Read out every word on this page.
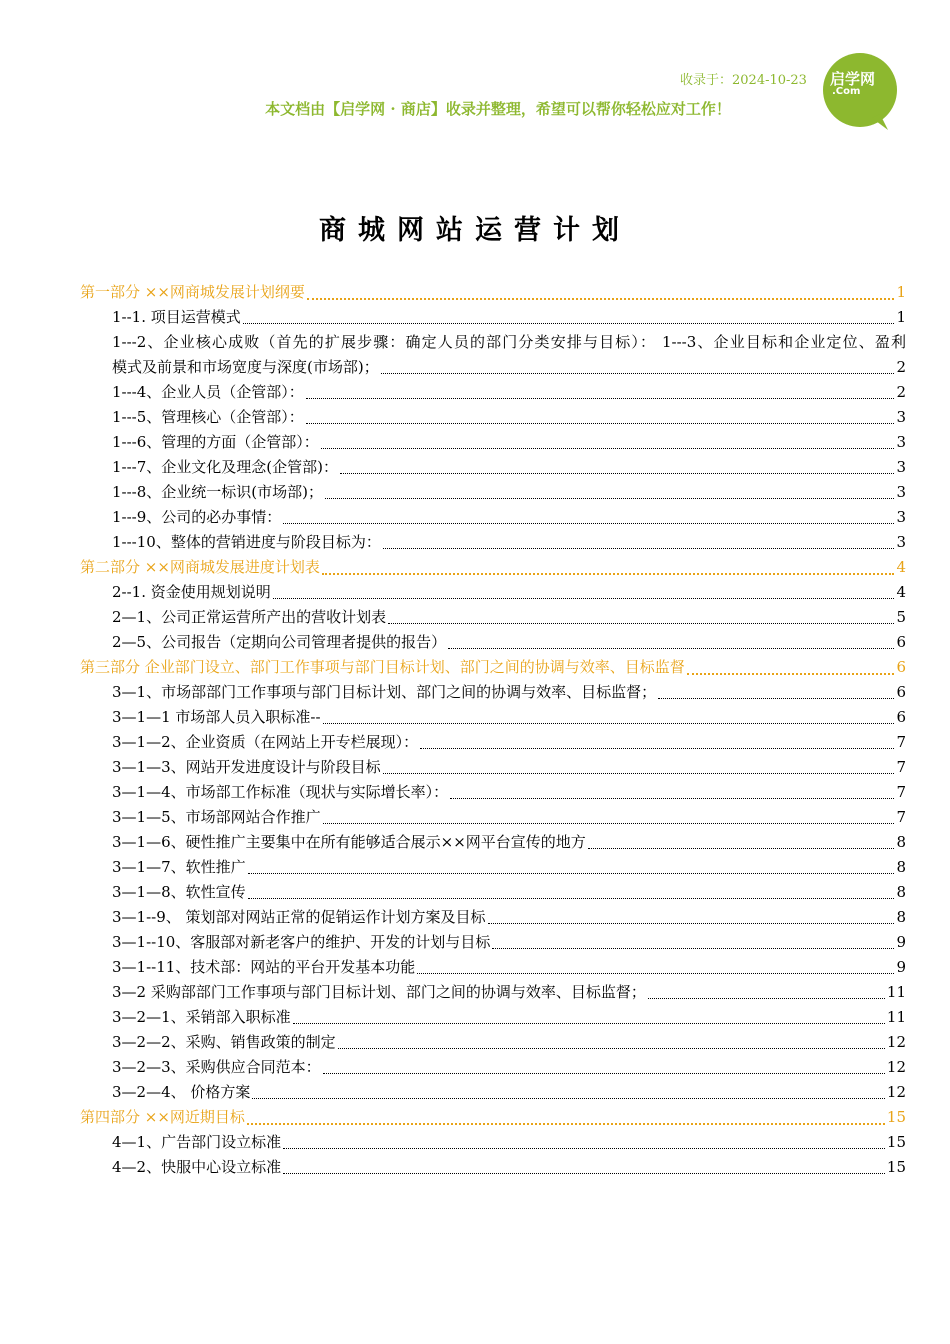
收录于：2024-10-23
本文档由【启学网 · 商店】收录并整理，希望可以帮你轻松应对工作！
启学网
.Com
商城网站运营计划
第一部分 ××网商城发展计划纲要	1
1--1. 项目运营模式	1
1---2、企业核心成败（首先的扩展步骤：确定人员的部门分类安排与目标）： 1---3、企业目标和企业定位、盈利
模式及前景和市场宽度与深度(市场部)；	2
1---4、企业人员（企管部）：	2
1---5、管理核心（企管部）：	3
1---6、管理的方面（企管部）：	3
1---7、企业文化及理念(企管部)：	3
1---8、企业统一标识(市场部)；	3
1---9、公司的必办事情：	3
1---10、整体的营销进度与阶段目标为：	3
第二部分 ××网商城发展进度计划表	4
2--1. 资金使用规划说明	4
2—1、公司正常运营所产出的营收计划表	5
2—5、公司报告（定期向公司管理者提供的报告）	6
第三部分 企业部门设立、部门工作事项与部门目标计划、部门之间的协调与效率、目标监督	6
3—1、市场部部门工作事项与部门目标计划、部门之间的协调与效率、目标监督；	6
3—1—1 市场部人员入职标准--	6
3—1—2、企业资质（在网站上开专栏展现）：	7
3—1—3、网站开发进度设计与阶段目标	7
3—1—4、市场部工作标准（现状与实际增长率）：	7
3—1—5、市场部网站合作推广	7
3—1—6、硬性推广主要集中在所有能够适合展示××网平台宣传的地方	8
3—1—7、软性推广	8
3—1—8、软性宣传	8
3—1--9、 策划部对网站正常的促销运作计划方案及目标	8
3—1--10、客服部对新老客户的维护、开发的计划与目标	9
3—1--11、技术部：网站的平台开发基本功能	9
3—2 采购部部门工作事项与部门目标计划、部门之间的协调与效率、目标监督；	11
3—2—1、采销部入职标准	11
3—2—2、采购、销售政策的制定	12
3—2—3、采购供应合同范本：	12
3—2—4、 价格方案	12
第四部分 ××网近期目标	15
4—1、广告部门设立标准	15
4—2、快服中心设立标准	15
